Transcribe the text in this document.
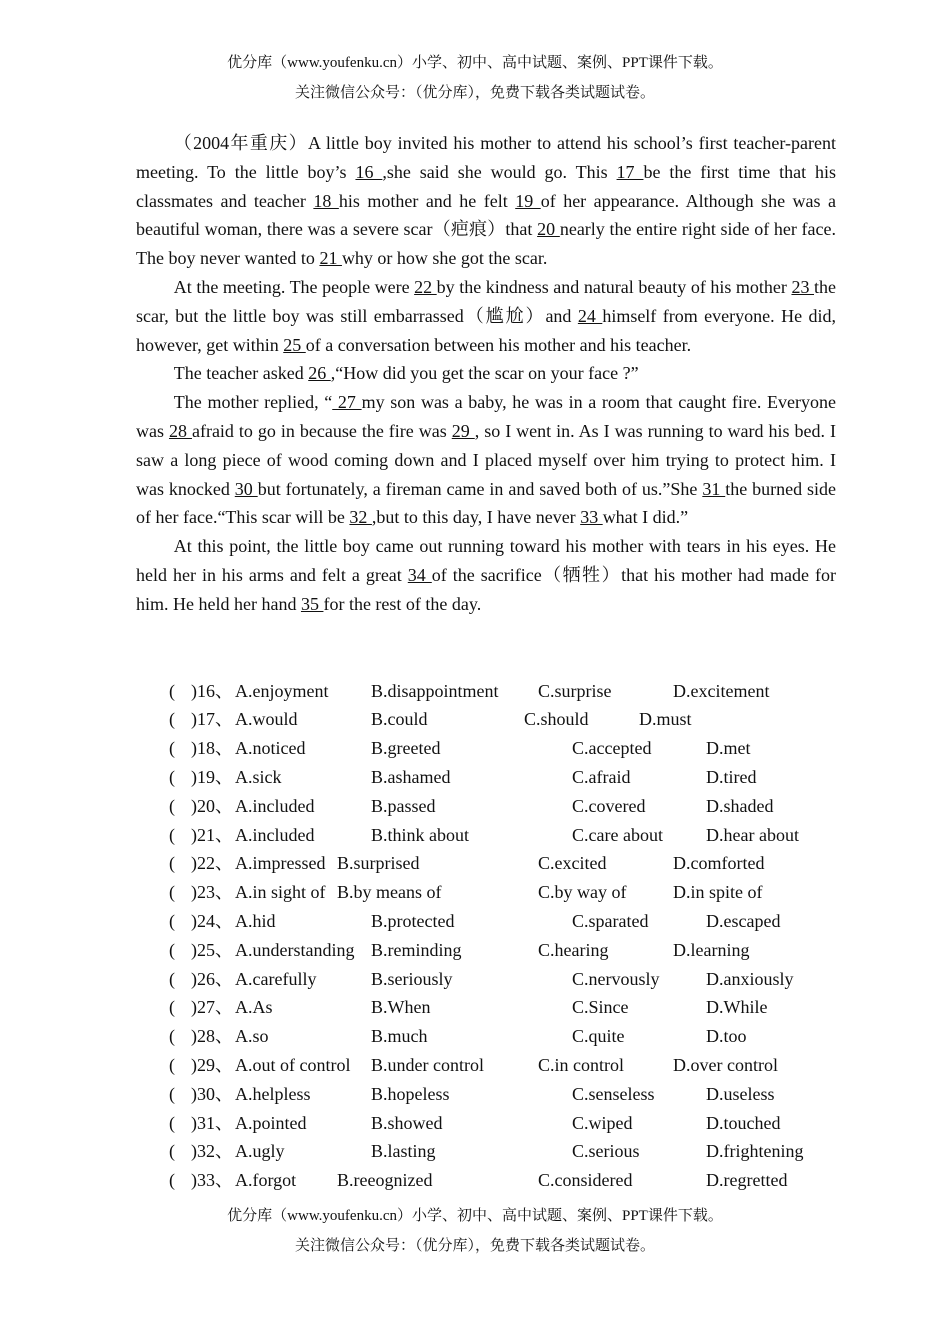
优分库（www.youfenku.cn）小学、初中、高中试题、案例、PPT课件下载。
关注微信公众号：（优分库），免费下载各类试题试卷。

（2004年重庆）A little boy invited his mother to attend his school’s first teacher-parent meeting. To the little boy’s 16 ,she said she would go. This 17 be the first time that his classmates and teacher 18 his mother and he felt 19 of her appearance. Although she was a beautiful woman, there was a severe scar（疤痕）that 20 nearly the entire right side of her face. The boy never wanted to 21 why or how she got the scar.

At the meeting. The people were 22 by the kindness and natural beauty of his mother 23 the scar, but the little boy was still embarrassed（尴尬）and 24 himself from everyone. He did, however, get within 25 of a conversation between his mother and his teacher.

The teacher asked 26 ,“How did you get the scar on your face ?”

The mother replied, “ 27 my son was a baby, he was in a room that caught fire. Everyone was 28 afraid to go in because the fire was 29 , so I went in. As I was running to ward his bed. I saw a long piece of wood coming down and I placed myself over him trying to protect him. I was knocked 30 but fortunately, a fireman came in and saved both of us.”She 31 the burned side of her face.“This scar will be 32 ,but to this day, I have never 33 what I did.”

At this point, the little boy came out running toward his mother with tears in his eyes. He held her in his arms and felt a great 34 of the sacrifice（牺牲）that his mother had made for him. He held her hand 35 for the rest of the day.

( )16、 A.enjoyment B.disappointment C.surprise	D.excitement
( )17、 A.would	B.could	C.should	D.must
( )18、 A.noticed	B.greeted	C.accepted	D.met
( )19、 A.sick	B.ashamed	C.afraid	D.tired
( )20、 A.included	B.passed	C.covered	D.shaded
( )21、 A.included	B.think about	C.care about D.hear about
( )22、 A.impressed B.surprised	C.excited	D.comforted
( )23、 A.in sight of B.by means of	C.by way of	D.in spite of
( )24、 A.hid	B.protected	C.sparated	D.escaped
( )25、 A.understanding B.reminding	C.hearing	D.learning
( )26、 A.carefully	B.seriously	C.nervously	D.anxiously
( )27、 A.As	B.When	C.Since	D.While
( )28、 A.so	B.much	C.quite	D.too
( )29、 A.out of control B.under control	C.in control	D.over control
( )30、 A.helpless	B.hopeless	C.senseless	D.useless
( )31、 A.pointed	B.showed	C.wiped	D.touched
( )32、 A.ugly	B.lasting	C.serious	D.frightening
( )33、 A.forgot B.reeognized	C.considered	D.regretted
优分库（www.youfenku.cn）小学、初中、高中试题、案例、PPT课件下载。
关注微信公众号：（优分库），免费下载各类试题试卷。
